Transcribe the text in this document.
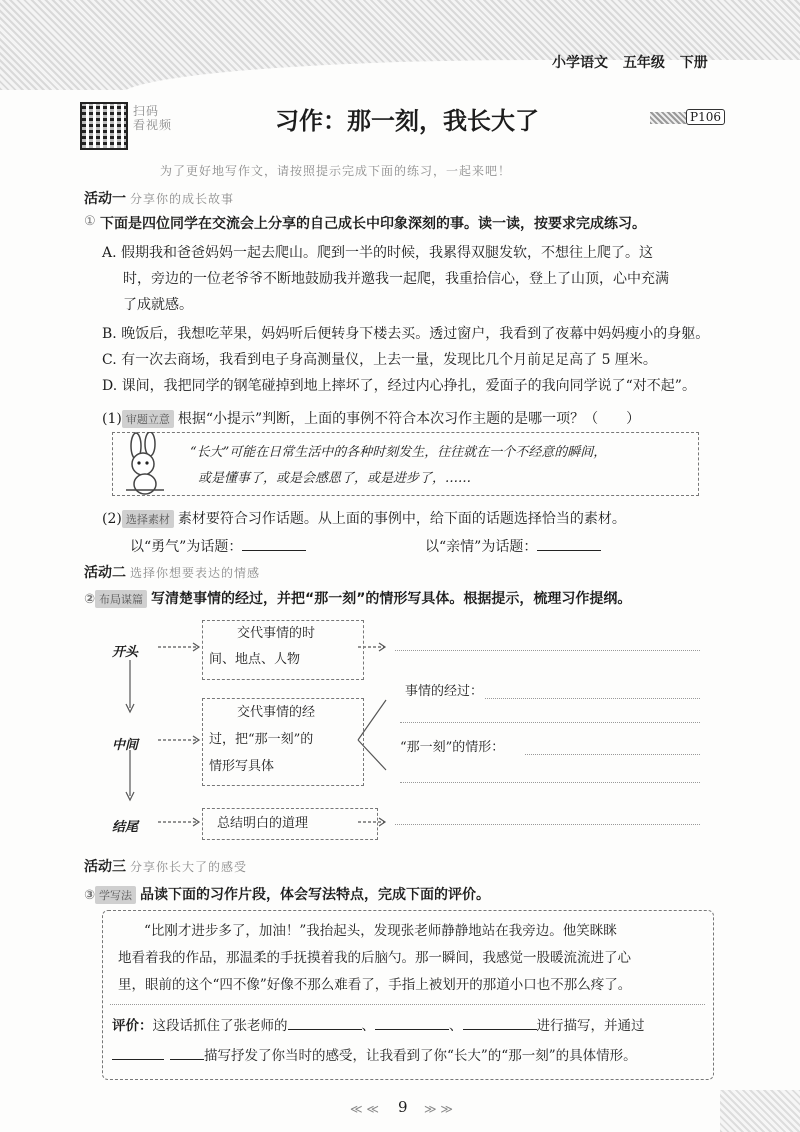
小学语文 五年级 下册
扫码
看视频	习作：那一刻，我长大了	P106
为了更好地写作文，请按照提示完成下面的练习，一起来吧！
活动一 分享你的成长故事
① 下面是四位同学在交流会上分享的自己成长中印象深刻的事。读一读，按要求完成练习。
A. 假期我和爸爸妈妈一起去爬山。爬到一半的时候，我累得双腿发软，不想往上爬了。这
时，旁边的一位老爷爷不断地鼓励我并邀我一起爬，我重拾信心，登上了山顶，心中充满
了成就感。
B. 晚饭后，我想吃苹果，妈妈听后便转身下楼去买。透过窗户，我看到了夜幕中妈妈瘦小的身躯。
C. 有一次去商场，我看到电子身高测量仪，上去一量，发现比几个月前足足高了 5 厘米。
D. 课间，我把同学的钢笔碰掉到地上摔坏了，经过内心挣扎，爱面子的我向同学说了“对不起”。
(1) 审题立意 根据“小提示”判断，上面的事例不符合本次习作主题的是哪一项？（　　）
“长大”可能在日常生活中的各种时刻发生，往往就在一个不经意的瞬间，
或是懂事了，或是会感恩了，或是进步了，……
(2) 选择素材 素材要符合习作话题。从上面的事例中，给下面的话题选择恰当的素材。
以“勇气”为话题：	以“亲情”为话题：
活动二 选择你想要表达的情感
② 布局谋篇 写清楚事情的经过，并把“那一刻”的情形写具体。根据提示，梳理习作提纲。
开头
中间
结尾
交代事情的时
间、地点、人物
交代事情的经
过，把“那一刻”的
情形写具体
总结明白的道理
事情的经过：
“那一刻”的情形：
活动三 分享你长大了的感受
③ 学写法 品读下面的习作片段，体会写法特点，完成下面的评价。
“比刚才进步多了，加油！”我抬起头，发现张老师静静地站在我旁边。他笑眯眯
地看着我的作品，那温柔的手抚摸着我的后脑勺。那一瞬间，我感觉一股暖流流进了心
里，眼前的这个“四不像”好像不那么难看了，手指上被划开的那道小口也不那么疼了。
评价：这段话抓住了张老师的	、	、	进行描写，并通过
描写抒发了你当时的感受，让我看到了你“长大”的“那一刻”的具体情形。
≪ ≪ 9 ≫ ≫
